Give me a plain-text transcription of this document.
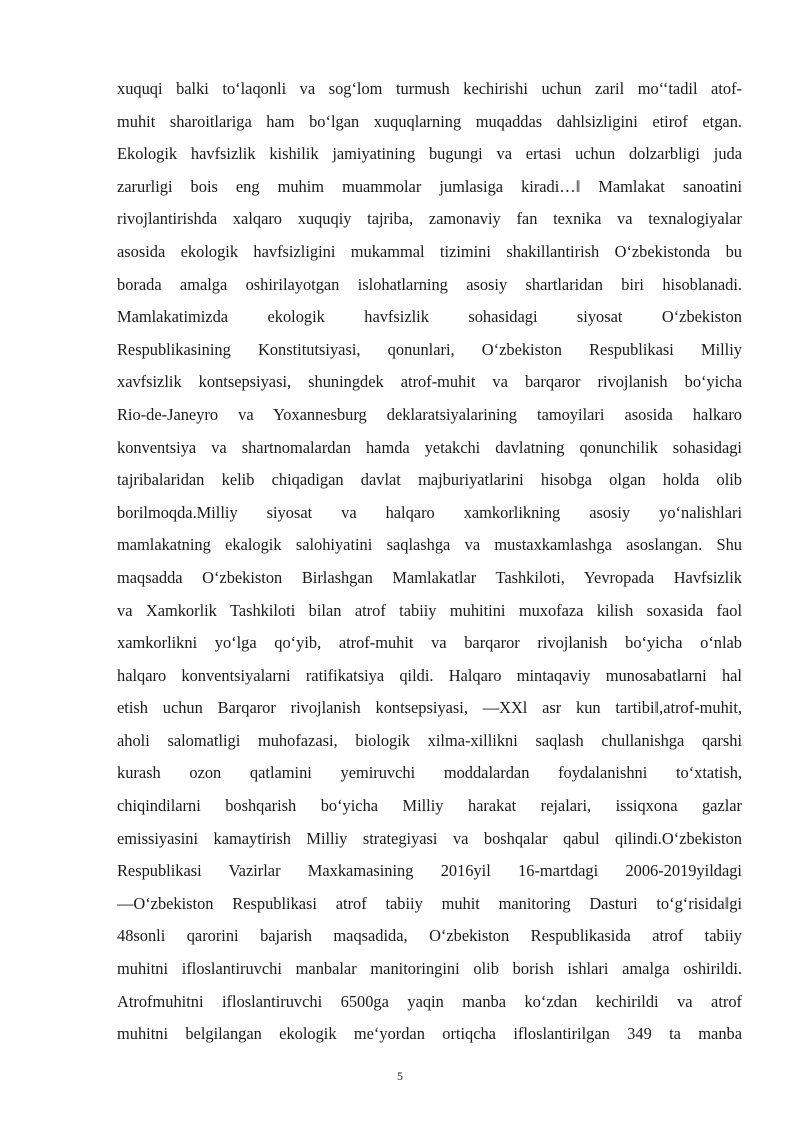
xuquqi balki to‘laqonli va sog‘lom turmush kechirishi uchun zaril mo‘‘tadil atof-
muhit sharoitlariga ham bo‘lgan xuquqlarning muqaddas dahlsizligini etirof etgan.
Ekologik havfsizlik kishilik jamiyatining bugungi va ertasi uchun dolzarbligi juda
zarurligi bois eng muhim muammolar jumlasiga kiradi…‖ Mamlakat sanoatini
rivojlantirishda xalqaro xuquqiy tajriba, zamonaviy fan texnika va texnalogiyalar
asosida ekologik havfsizligini mukammal tizimini shakillantirish O‘zbekistonda bu
borada amalga oshirilayotgan islohatlarning asosiy shartlaridan biri hisoblanadi.
Mamlakatimizda ekologik havfsizlik sohasidagi siyosat O‘zbekiston
Respublikasining Konstitutsiyasi, qonunlari, O‘zbekiston Respublikasi Milliy
xavfsizlik kontsepsiyasi, shuningdek atrof-muhit va barqaror rivojlanish bo‘yicha
Rio-de-Janeyro va Yoxannesburg deklaratsiyalarining tamoyilari asosida halkaro
konventsiya va shartnomalardan hamda yetakchi davlatning qonunchilik sohasidagi
tajribalaridan kelib chiqadigan davlat majburiyatlarini hisobga olgan holda olib
borilmoqda.Milliy siyosat va halqaro xamkorlikning asosiy yo‘nalishlari
mamlakatning ekalogik salohiyatini saqlashga va mustaxkamlashga asoslangan. Shu
maqsadda O‘zbekiston Birlashgan Mamlakatlar Tashkiloti, Yevropada Havfsizlik
va Xamkorlik Tashkiloti bilan atrof tabiiy muhitini muxofaza kilish soxasida faol
xamkorlikni yo‘lga qo‘yib, atrof-muhit va barqaror rivojlanish bo‘yicha o‘nlab
halqaro konventsiyalarni ratifikatsiya qildi. Halqaro mintaqaviy munosabatlarni hal
etish uchun Barqaror rivojlanish kontsepsiyasi, ―XXl asr kun tartibi‖,atrof-muhit,
aholi salomatligi muhofazasi, biologik xilma-xillikni saqlash chullanishga qarshi
kurash ozon qatlamini yemiruvchi moddalardan foydalanishni to‘xtatish,
chiqindilarni boshqarish bo‘yicha Milliy harakat rejalari, issiqxona gazlar
emissiyasini kamaytirish Milliy strategiyasi va boshqalar qabul qilindi.O‘zbekiston
Respublikasi Vazirlar Maxkamasining 2016yil 16-martdagi 2006-2019yildagi
―O‘zbekiston Respublikasi atrof tabiiy muhit manitoring Dasturi to‘g‘risida‖gi
48sonli qarorini bajarish maqsadida, O‘zbekiston Respublikasida atrof tabiiy
muhitni ifloslantiruvchi manbalar manitoringini olib borish ishlari amalga oshirildi.
Atrofmuhitni ifloslantiruvchi 6500ga yaqin manba ko‘zdan kechirildi va atrof
muhitni belgilangan ekologik me‘yordan ortiqcha ifloslantirilgan 349 ta manba
5
